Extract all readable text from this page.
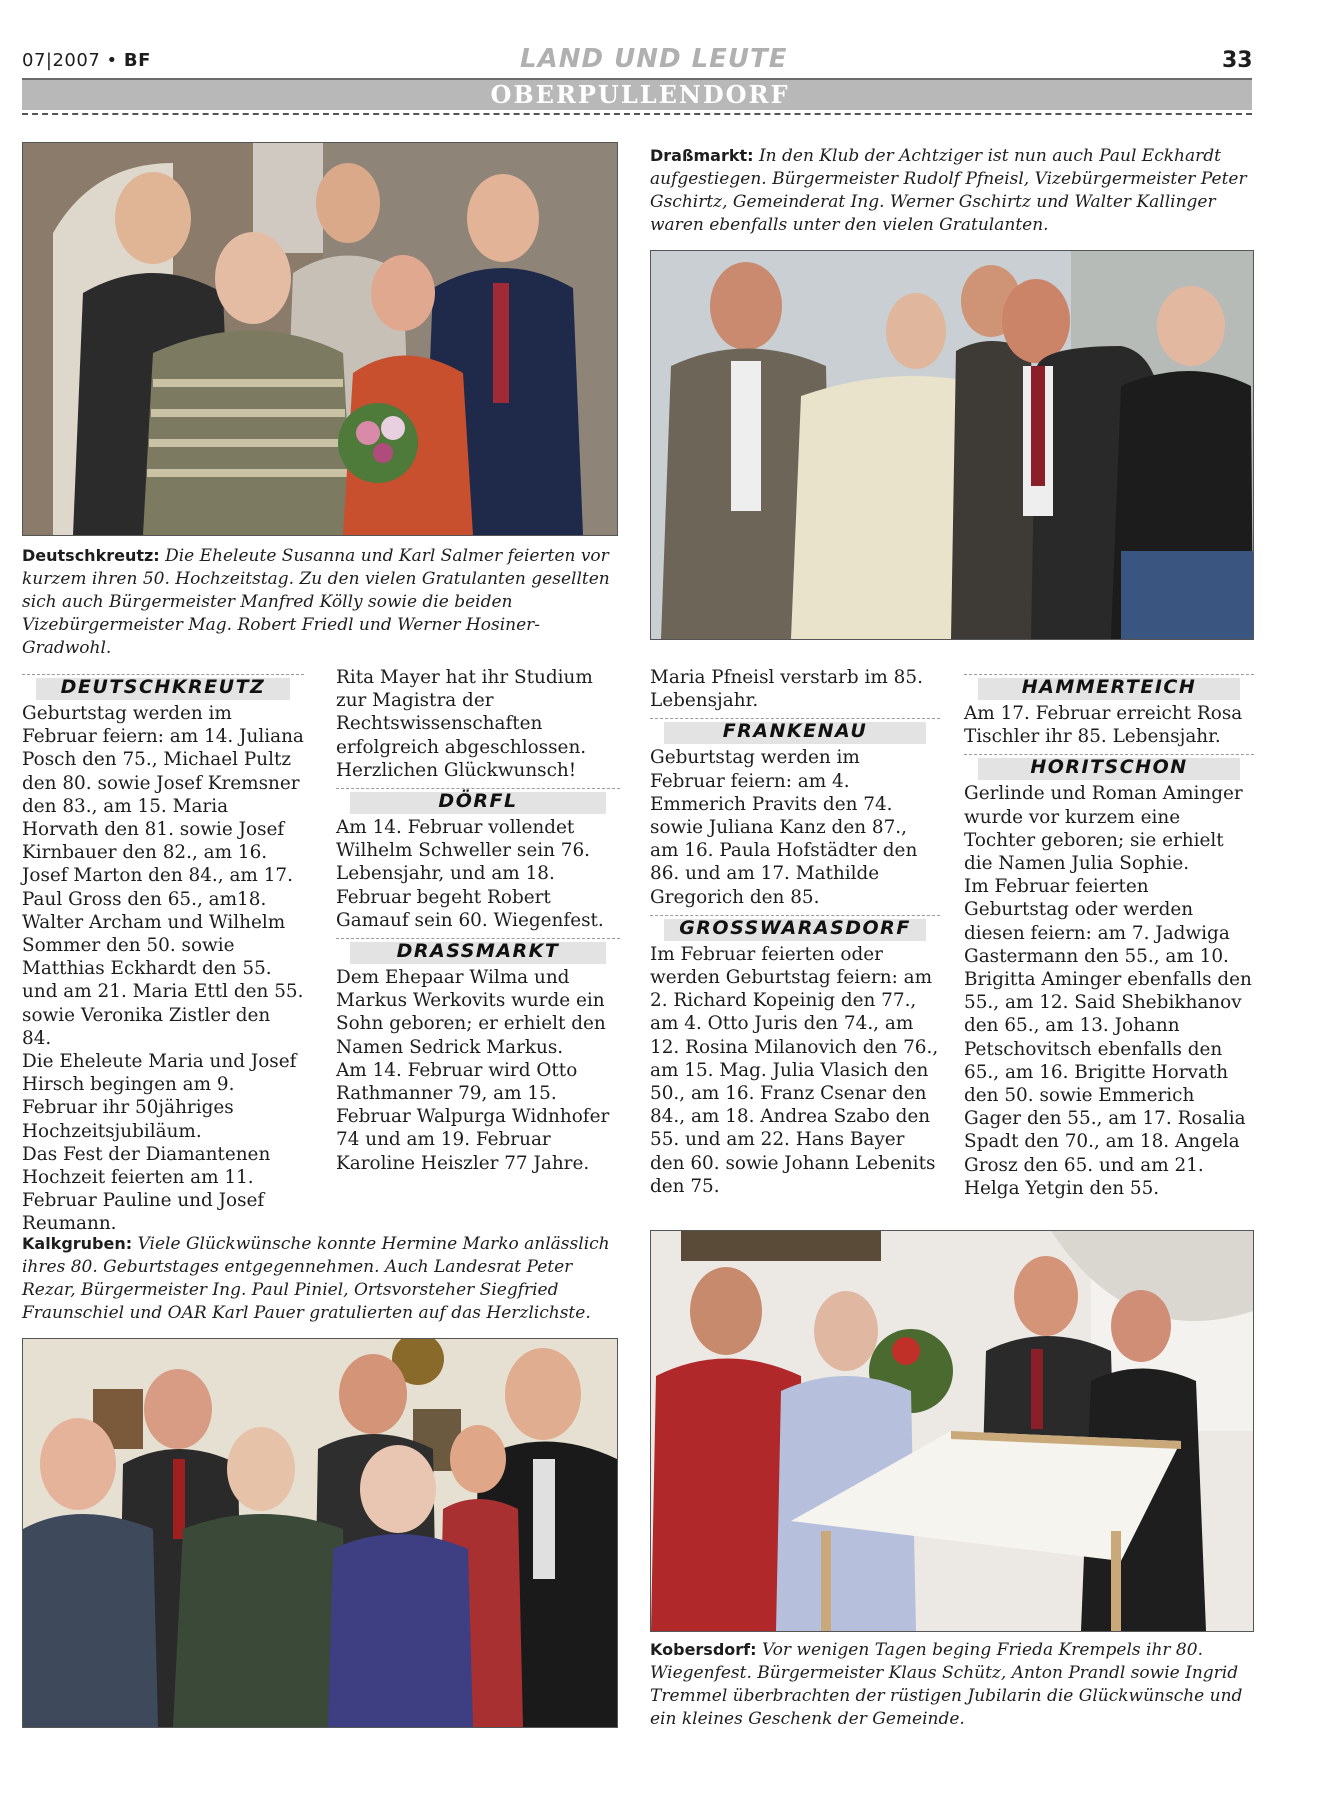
07|2007 • BF	LAND UND LEUTE	33
OBERPULLENDORF
Deutschkreutz: Die Eheleute Susanna und Karl Salmer feierten vor kurzem ihren 50. Hochzeitstag. Zu den vielen Gratulanten gesellten sich auch Bürgermeister Manfred Kölly sowie die beiden Vizebürgermeister Mag. Robert Friedl und Werner Hosiner-Gradwohl.
Draßmarkt: In den Klub der Achtziger ist nun auch Paul Eckhardt aufgestiegen. Bürgermeister Rudolf Pfneisl, Vizebürgermeister Peter Gschirtz, Gemeinderat Ing. Werner Gschirtz und Walter Kallinger waren ebenfalls unter den vielen Gratulanten.
DEUTSCHKREUTZ

Geburtstag werden im Februar feiern: am 14. Juliana Posch den 75., Michael Pultz den 80. sowie Josef Kremsner den 83., am 15. Maria Horvath den 81. sowie Josef Kirnbauer den 82., am 16. Josef Marton den 84., am 17. Paul Gross den 65., am18. Walter Archam und Wilhelm Sommer den 50. sowie Matthias Eckhardt den 55. und am 21. Maria Ettl den 55. sowie Veronika Zistler den 84.

Die Eheleute Maria und Josef Hirsch begingen am 9. Februar ihr 50jähriges Hochzeitsjubiläum.

Das Fest der Diamantenen Hochzeit feierten am 11. Februar Pauline und Josef Reumann.

Rita Mayer hat ihr Studium zur Magistra der Rechtswissenschaften erfolgreich abgeschlossen. Herzlichen Glückwunsch!

DÖRFL

Am 14. Februar vollendet Wilhelm Schweller sein 76. Lebensjahr, und am 18. Februar begeht Robert Gamauf sein 60. Wiegenfest.

DRASSMARKT

Dem Ehepaar Wilma und Markus Werkovits wurde ein Sohn geboren; er erhielt den Namen Sedrick Markus.

Am 14. Februar wird Otto Rathmanner 79, am 15. Februar Walpurga Widnhofer 74 und am 19. Februar Karoline Heiszler 77 Jahre.

Maria Pfneisl verstarb im 85. Lebensjahr.

FRANKENAU

Geburtstag werden im Februar feiern: am 4. Emmerich Pravits den 74. sowie Juliana Kanz den 87., am 16. Paula Hofstädter den 86. und am 17. Mathilde Gregorich den 85.

GROSSWARASDORF

Im Februar feierten oder werden Geburtstag feiern: am 2. Richard Kopeinig den 77., am 4. Otto Juris den 74., am 12. Rosina Milanovich den 76., am 15. Mag. Julia Vlasich den 50., am 16. Franz Csenar den 84., am 18. Andrea Szabo den 55. und am 22. Hans Bayer den 60. sowie Johann Lebenits den 75.

HAMMERTEICH

Am 17. Februar erreicht Rosa Tischler ihr 85. Lebensjahr.

HORITSCHON

Gerlinde und Roman Aminger wurde vor kurzem eine Tochter geboren; sie erhielt die Namen Julia Sophie.

Im Februar feierten Geburtstag oder werden diesen feiern: am 7. Jadwiga Gastermann den 55., am 10. Brigitta Aminger ebenfalls den 55., am 12. Said Shebikhanov den 65., am 13. Johann Petschovitsch ebenfalls den 65., am 16. Brigitte Horvath den 50. sowie Emmerich Gager den 55., am 17. Rosalia Spadt den 70., am 18. Angela Grosz den 65. und am 21. Helga Yetgin den 55.

Kalkgruben: Viele Glückwünsche konnte Hermine Marko anlässlich ihres 80. Geburtstages entgegennehmen. Auch Landesrat Peter Rezar, Bürgermeister Ing. Paul Piniel, Ortsvorsteher Siegfried Fraunschiel und OAR Karl Pauer gratulierten auf das Herzlichste.
Kobersdorf: Vor wenigen Tagen beging Frieda Krempels ihr 80. Wiegenfest. Bürgermeister Klaus Schütz, Anton Prandl sowie Ingrid Tremmel überbrachten der rüstigen Jubilarin die Glückwünsche und ein kleines Geschenk der Gemeinde.
